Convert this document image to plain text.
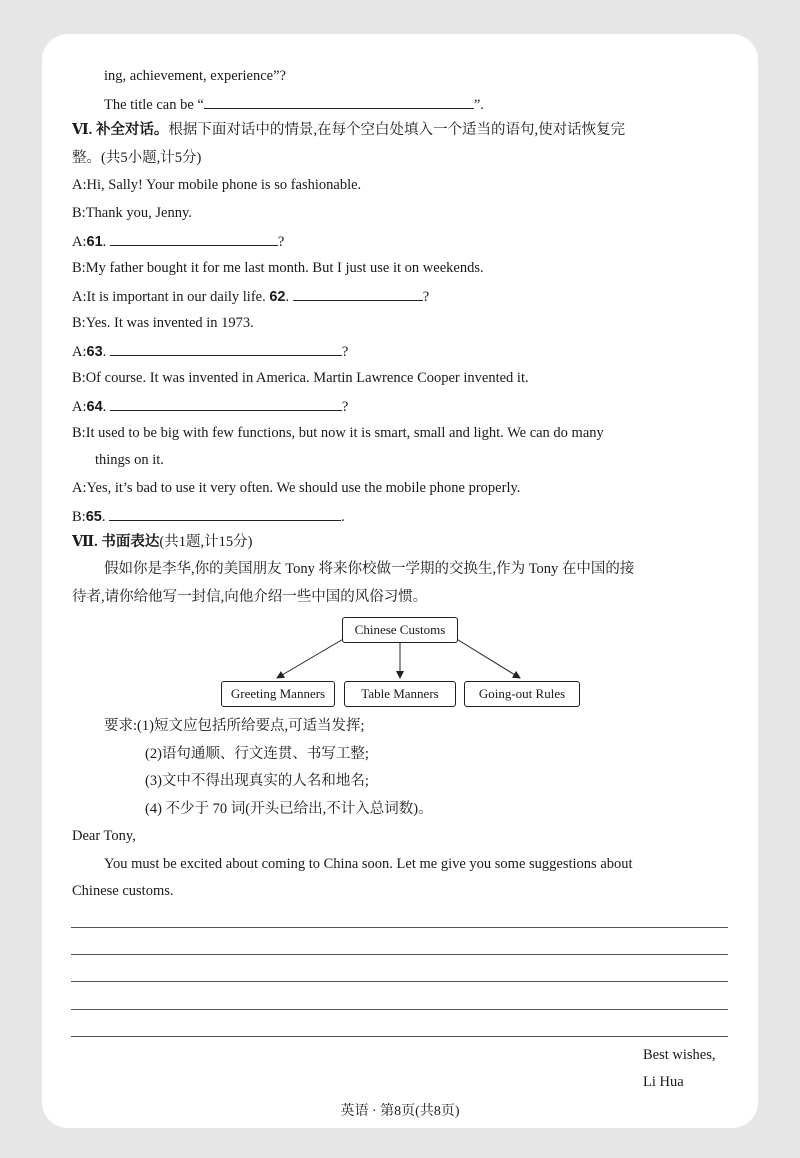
ing, achievement, experience”?
The title can be “	”.
Ⅵ. 补全对话。根据下面对话中的情景,在每个空白处填入一个适当的语句,使对话恢复完
整。(共5小题,计5分)
A:Hi, Sally! Your mobile phone is so fashionable.
B:Thank you, Jenny.
A:61.	?
B:My father bought it for me last month. But I just use it on weekends.
A:It is important in our daily life. 62.	?
B:Yes. It was invented in 1973.
A:63.	?
B:Of course. It was invented in America. Martin Lawrence Cooper invented it.
A:64.	?
B:It used to be big with few functions, but now it is smart, small and light. We can do many
things on it.
A:Yes, it’s bad to use it very often. We should use the mobile phone properly.
B:65.	.
Ⅶ. 书面表达(共1题,计15分)
假如你是李华,你的美国朋友 Tony 将来你校做一学期的交换生,作为 Tony 在中国的接
待者,请你给他写一封信,向他介绍一些中国的风俗习惯。
Chinese Customs
Greeting Manners	Table Manners	Going-out Rules
要求:(1)短文应包括所给要点,可适当发挥;
(2)语句通顺、行文连贯、书写工整;
(3)文中不得出现真实的人名和地名;
(4) 不少于 70 词(开头已给出,不计入总词数)。
Dear Tony,
You must be excited about coming to China soon. Let me give you some suggestions about
Chinese customs.
Best wishes,
Li Hua
英语 · 第8页(共8页)
